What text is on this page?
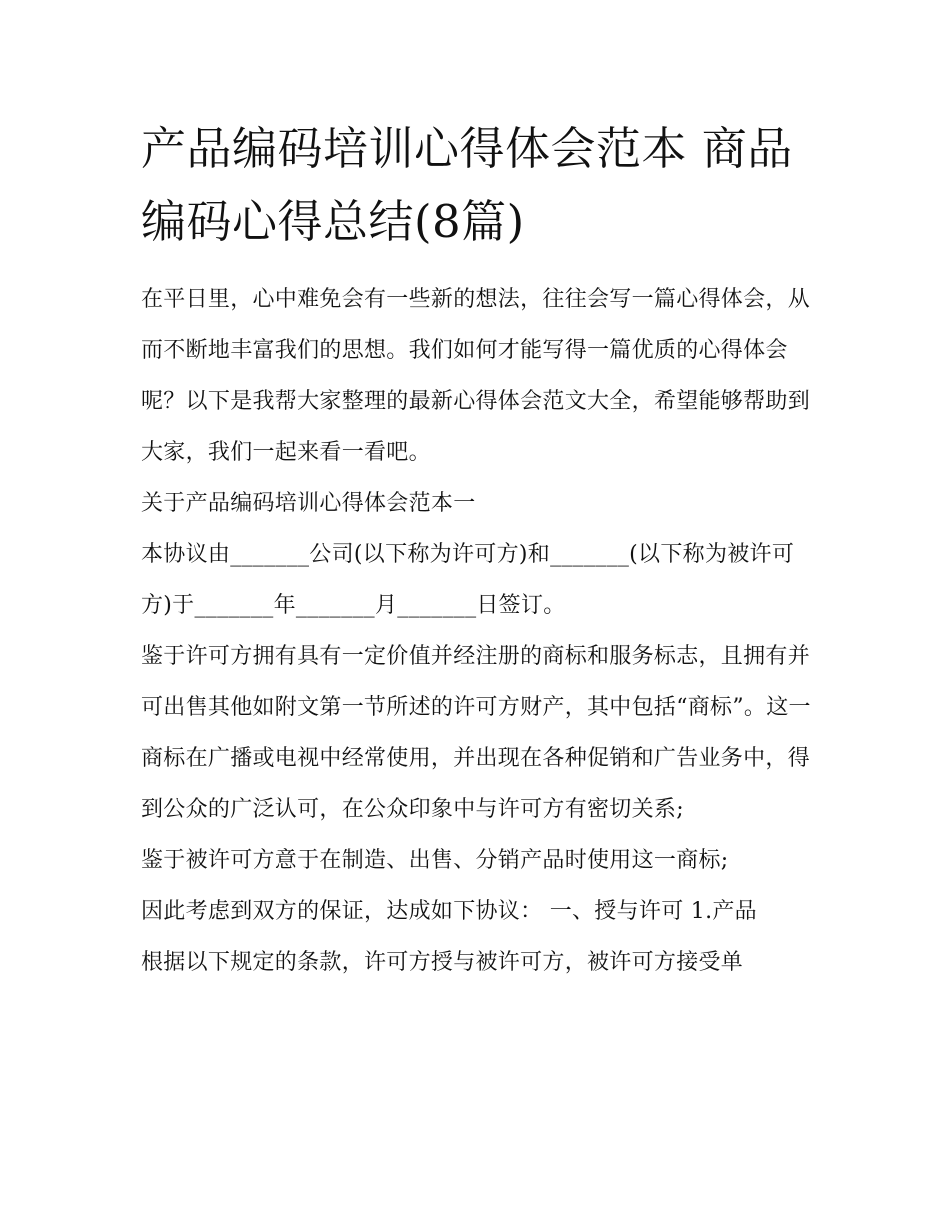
产品编码培训心得体会范本 商品编码心得总结(8篇)

在平日里，心中难免会有一些新的想法，往往会写一篇心得体会，从而不断地丰富我们的思想。我们如何才能写得一篇优质的心得体会呢？以下是我帮大家整理的最新心得体会范文大全，希望能够帮助到大家，我们一起来看一看吧。

关于产品编码培训心得体会范本一

本协议由_______公司(以下称为许可方)和_______(以下称为被许可方)于_______年_______月_______日签订。

鉴于许可方拥有具有一定价值并经注册的商标和服务标志，且拥有并可出售其他如附文第一节所述的许可方财产，其中包括“商标”。这一商标在广播或电视中经常使用，并出现在各种促销和广告业务中，得到公众的广泛认可，在公众印象中与许可方有密切关系;

鉴于被许可方意于在制造、出售、分销产品时使用这一商标;

因此考虑到双方的保证，达成如下协议： 一、授与许可 1.产品

根据以下规定的条款，许可方授与被许可方，被许可方接受单
